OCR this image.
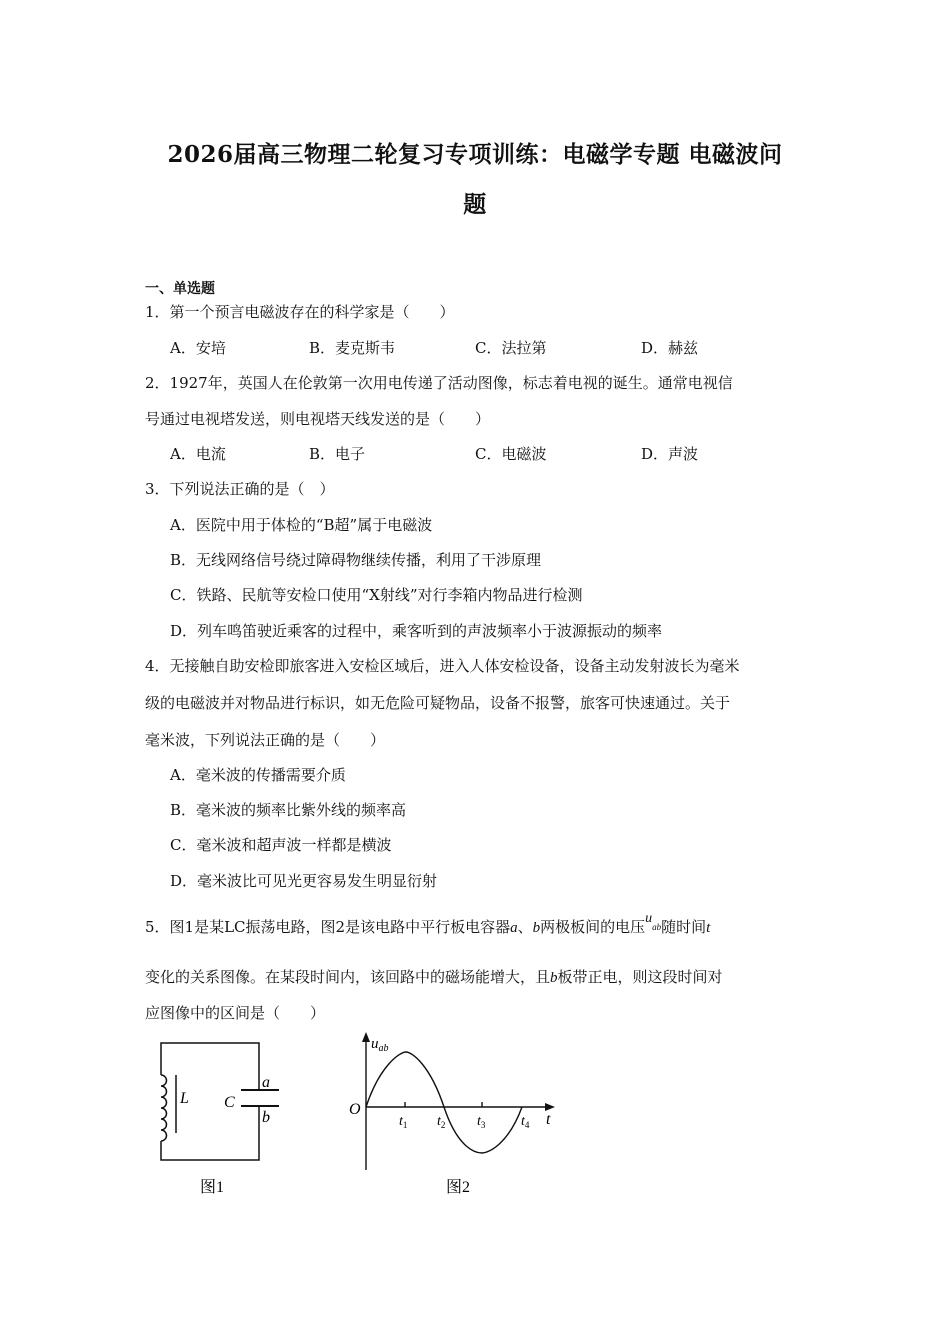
2026届高三物理二轮复习专项训练：电磁学专题 电磁波问
题
一、单选题
1．第一个预言电磁波存在的科学家是（　　）
A．安培	B．麦克斯韦	C．法拉第	D．赫兹
2．1927年，英国人在伦敦第一次用电传递了活动图像，标志着电视的诞生。通常电视信
号通过电视塔发送，则电视塔天线发送的是（　　）
A．电流	B．电子	C．电磁波	D．声波
3．下列说法正确的是（　）
A．医院中用于体检的“B超”属于电磁波
B．无线网络信号绕过障碍物继续传播，利用了干涉原理
C．铁路、民航等安检口使用“X射线”对行李箱内物品进行检测
D．列车鸣笛驶近乘客的过程中，乘客听到的声波频率小于波源振动的频率
4．无接触自助安检即旅客进入安检区域后，进入人体安检设备，设备主动发射波长为毫米
级的电磁波并对物品进行标识，如无危险可疑物品，设备不报警，旅客可快速通过。关于
毫米波，下列说法正确的是（　　）
A．毫米波的传播需要介质
B．毫米波的频率比紫外线的频率高
C．毫米波和超声波一样都是横波
D．毫米波比可见光更容易发生明显衍射
5．图1是某LC振荡电路，图2是该电路中平行板电容器a、b两极板间的电压uab随时间t
变化的关系图像。在某段时间内，该回路中的磁场能增大，且b板带正电，则这段时间对
应图像中的区间是（　　）
L C
a
b
图1
$u_{ab}$
O
t
$t_1$ $t_2$ $t_3$	$t_4$
图2
